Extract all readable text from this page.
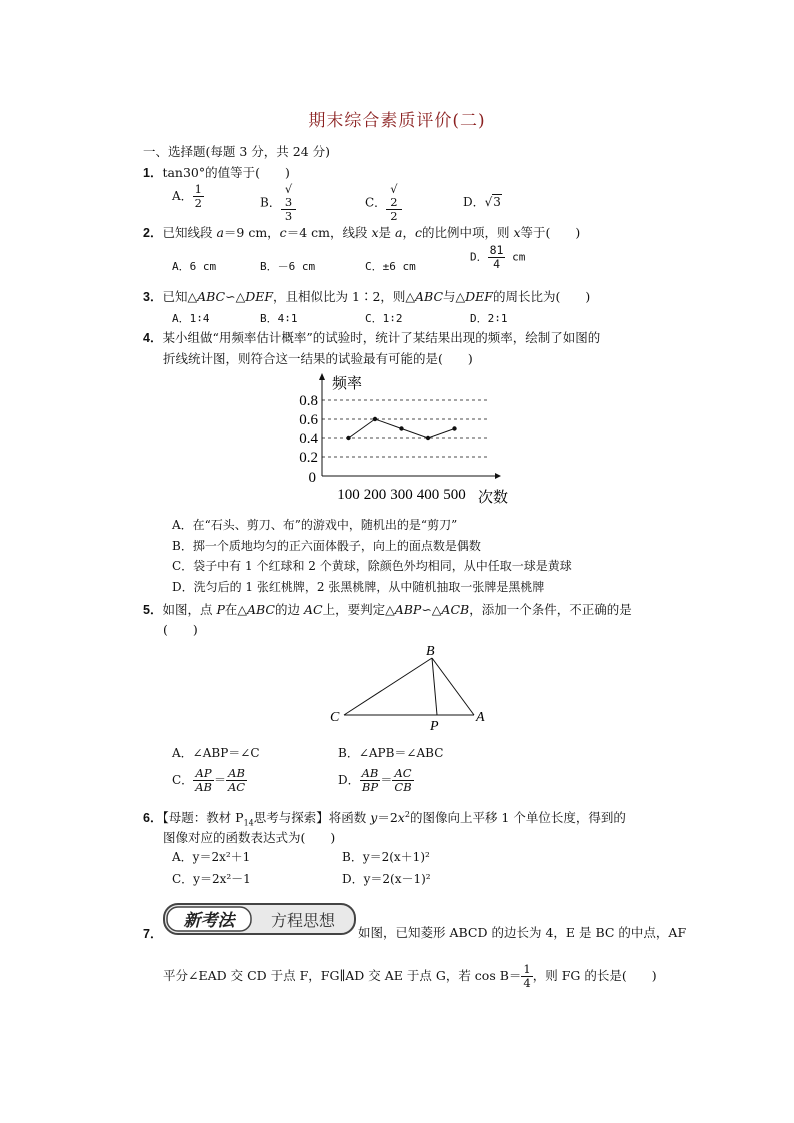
期末综合素质评价(二)
一、选择题(每题 3 分，共 24 分)
1．tan30°的值等于(　　)
A． $\frac{1}{2}$	B． √
3
3	C． √
2
2	D．√3
2．已知线段 a＝9 cm，c＝4 cm，线段 x是 a，c的比例中项，则 x等于(　　)
A．6 cm	B．－6 cm	C．±6 cm
D． $\frac{81}{4}$ cm
3．已知△ABC∽△DEF，且相似比为 1∶2，则△ABC与△DEF的周长比为(　　)
A．1∶4	B．4∶1	C．1∶2	D．2∶1
4．某小组做“用频率估计概率”的试验时，统计了某结果出现的频率，绘制了如图的
折线统计图，则符合这一结果的试验最有可能的是(　　)
0.2
0.4
0.6
0.8
0
100 200 300 400 500
频率
次数
A．在“石头、剪刀、布”的游戏中，随机出的是“剪刀”
B．掷一个质地均匀的正六面体骰子，向上的面点数是偶数
C．袋子中有 1 个红球和 2 个黄球，除颜色外均相同，从中任取一球是黄球
D．洗匀后的 1 张红桃牌，2 张黑桃牌，从中随机抽取一张牌是黑桃牌
5．如图，点 P在△ABC的边 AC上，要判定△ABP∽△ACB，添加一个条件，不正确的是
(　　)
B
C
P
A
A．∠ABP＝∠C	B．∠APB＝∠ABC
C． $\frac{AP}{AB} = \frac{AB}{AC}$	D． $\frac{AB}{BP} = \frac{AC}{CB}$
6．【母题：教材 $P_{14}$思考与探索】将函数 $y=2x^2$的图像向上平移 1 个单位长度，得到的
图像对应的函数表达式为(　　)
A．y＝2x²＋1	B．y＝2(x＋1)²
C．y＝2x²－1	D．y＝2(x－1)²
7．
新考法 方程思想
如图，已知菱形 ABCD 的边长为 4，E 是 BC 的中点，AF
平分∠EAD 交 CD 于点 F，FG∥AD 交 AE 于点 G，若 $\cos B= \frac{1}{4}$ ，则 FG 的长是(　　)
